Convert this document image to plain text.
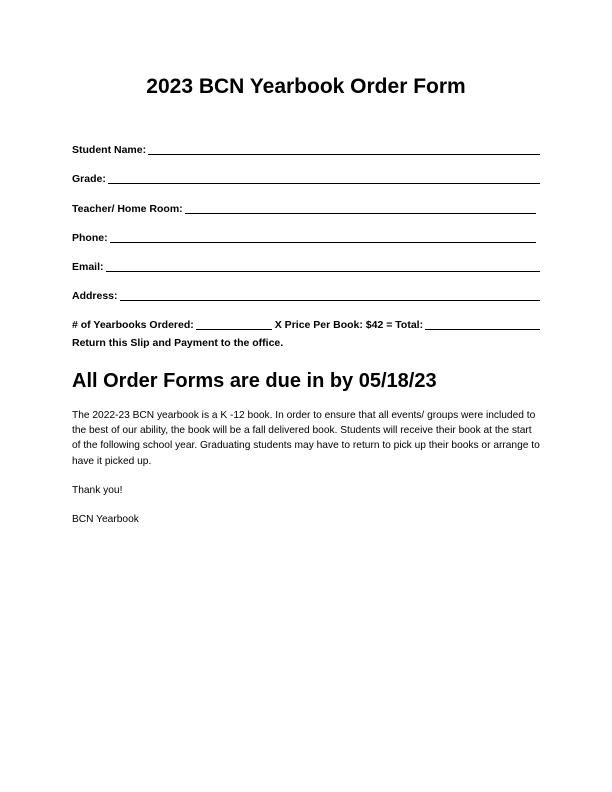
2023 BCN Yearbook Order Form
Student Name:
Grade:
Teacher/ Home Room:
Phone:
Email:
Address:
# of Yearbooks Ordered:	X Price Per Book: $42 = Total:

Return this Slip and Payment to the office.

All Order Forms are due in by 05/18/23

The 2022-23 BCN yearbook is a K -12 book. In order to ensure that all events/ groups were included to the best of our ability, the book will be a fall delivered book. Students will receive their book at the start of the following school year. Graduating students may have to return to pick up their books or arrange to have it picked up.

Thank you!

BCN Yearbook
